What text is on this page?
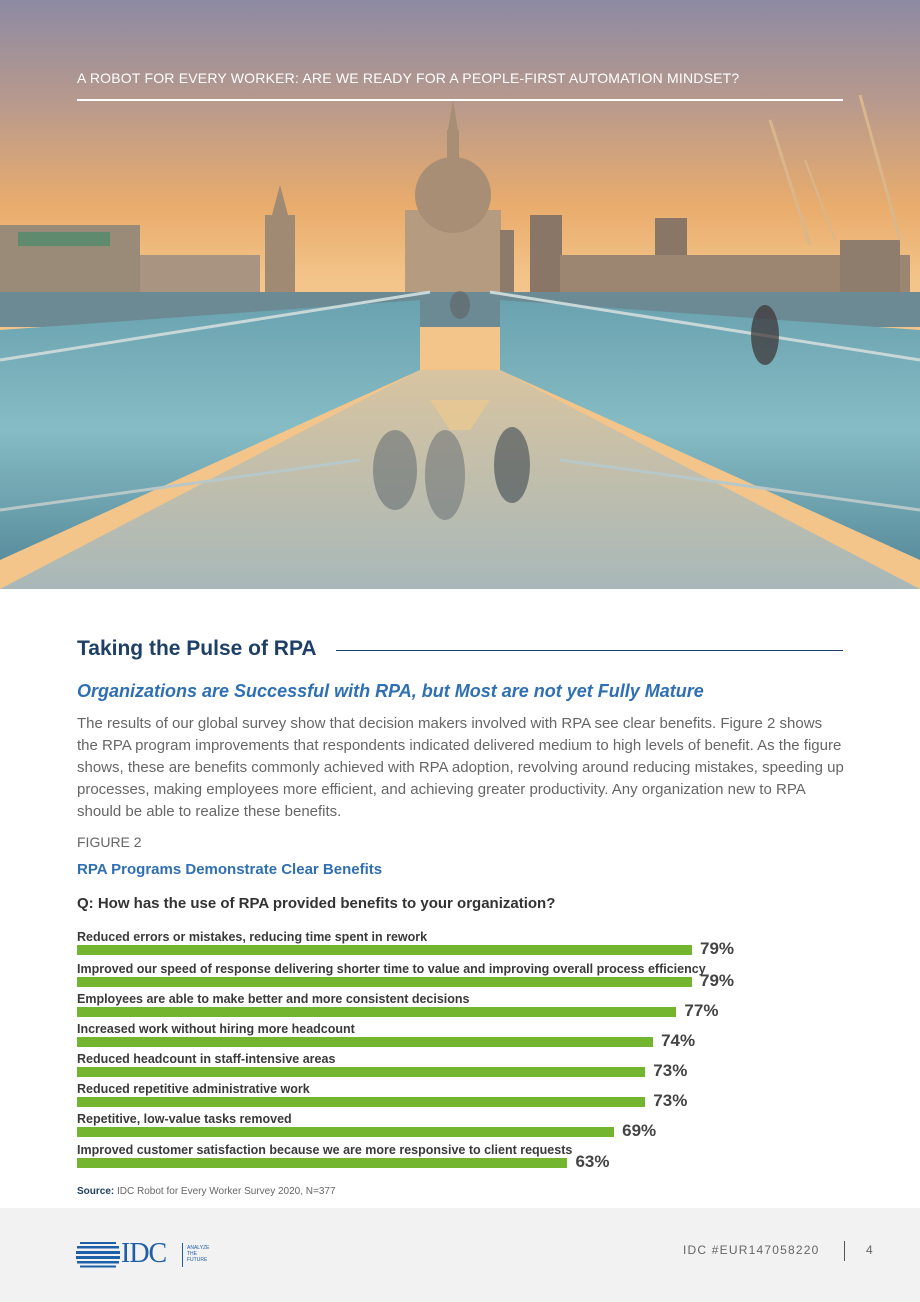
A ROBOT FOR EVERY WORKER: ARE WE READY FOR A PEOPLE-FIRST AUTOMATION MINDSET?
Taking the Pulse of RPA
Organizations are Successful with RPA, but Most are not yet Fully Mature
The results of our global survey show that decision makers involved with RPA see clear benefits. Figure 2 shows the RPA program improvements that respondents indicated delivered medium to high levels of benefit. As the figure shows, these are benefits commonly achieved with RPA adoption, revolving around reducing mistakes, speeding up processes, making employees more efficient, and achieving greater productivity. Any organization new to RPA should be able to realize these benefits.
FIGURE 2
RPA Programs Demonstrate Clear Benefits
Q: How has the use of RPA provided benefits to your organization?
Reduced errors or mistakes, reducing time spent in rework
79%
Improved our speed of response delivering shorter time to value and improving overall process efficiency
79%
Employees are able to make better and more consistent decisions
77%
Increased work without hiring more headcount
74%
Reduced headcount in staff-intensive areas
73%
Reduced repetitive administrative work
73%
Repetitive, low-value tasks removed
69%
Improved customer satisfaction because we are more responsive to client requests
63%
Source: IDC Robot for Every Worker Survey 2020, N=377
IDC	ANALYZE
THE
FUTURE
IDC #EUR147058220	4
